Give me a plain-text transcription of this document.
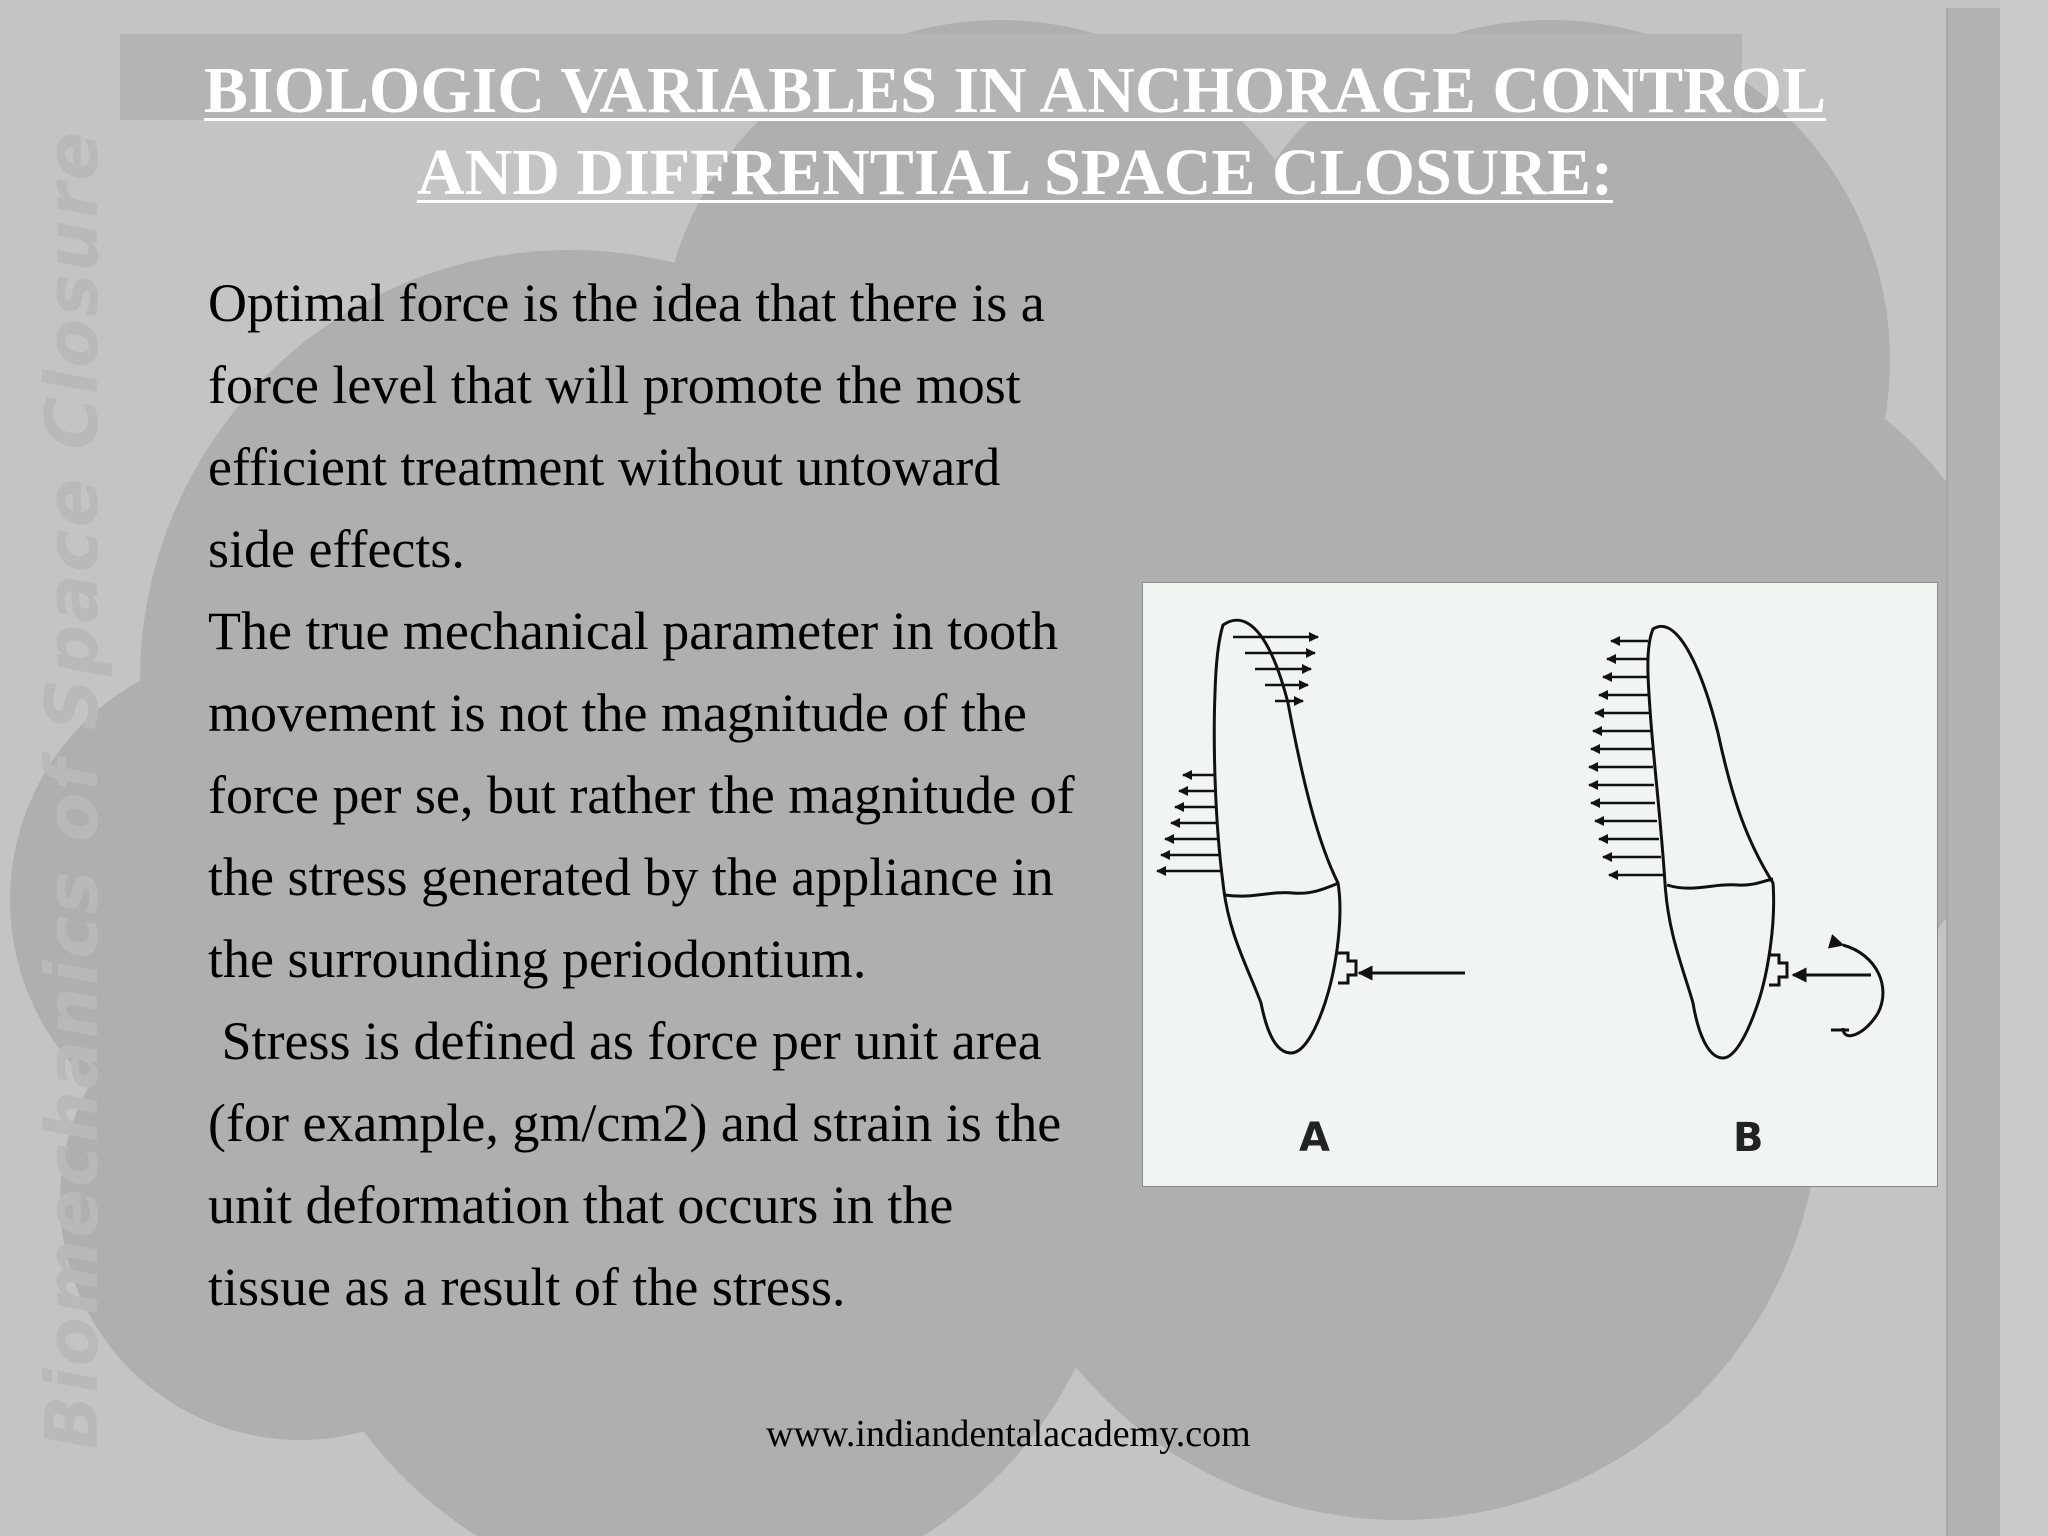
Biomechanics of Space Closure
BIOLOGIC VARIABLES IN ANCHORAGE CONTROL
AND DIFFRENTIAL SPACE CLOSURE:

Optimal force is the idea that there is a force level that will promote the most efficient treatment without untoward side effects.

The true mechanical parameter in tooth movement is not the magnitude of the force per se, but rather the magnitude of the stress generated by the appliance in the surrounding periodontium.

Stress is defined as force per unit area (for example, gm/cm2) and strain is the unit deformation that occurs in the tissue as a result of the stress.

A	B
www.indiandentalacademy.com
